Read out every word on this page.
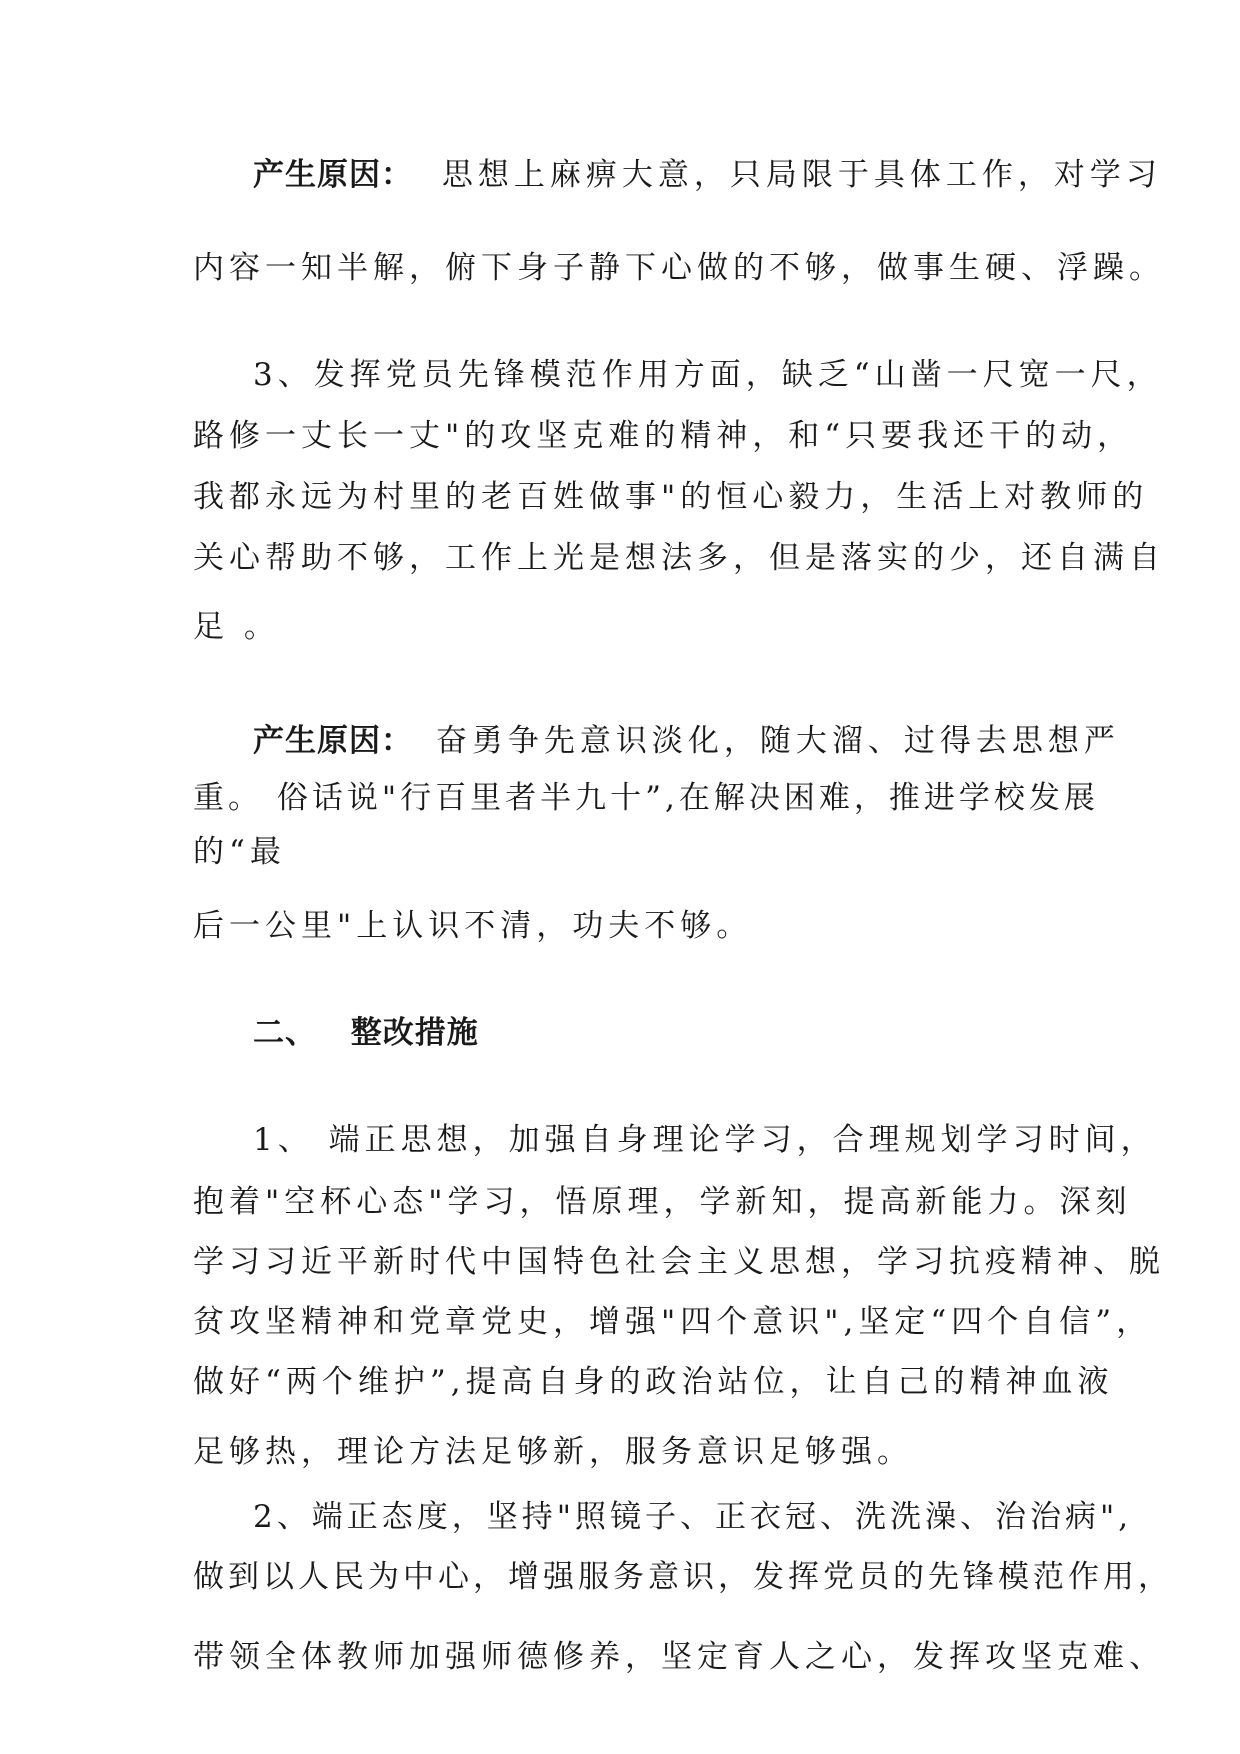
产生原因： 思想上麻痹大意，只局限于具体工作，对学习
内容一知半解，俯下身子静下心做的不够，做事生硬、浮躁。
3、发挥党员先锋模范作用方面，缺乏“山凿一尺宽一尺，
路修一丈长一丈"的攻坚克难的精神，和“只要我还干的动，
我都永远为村里的老百姓做事"的恒心毅力，生活上对教师的
关心帮助不够，工作上光是想法多，但是落实的少，还自满自
足 。
产生原因： 奋勇争先意识淡化，随大溜、过得去思想严
重。 俗话说"行百里者半九十”,在解决困难，推进学校发展
的“最
后一公里"上认识不清，功夫不够。
二、 整改措施
1、 端正思想，加强自身理论学习，合理规划学习时间，
抱着"空杯心态"学习，悟原理，学新知，提高新能力。深刻
学习习近平新时代中国特色社会主义思想，学习抗疫精神、脱
贫攻坚精神和党章党史，增强"四个意识",坚定“四个自信”，
做好“两个维护”,提高自身的政治站位，让自己的精神血液
足够热，理论方法足够新，服务意识足够强。
2、端正态度，坚持"照镜子、正衣冠、洗洗澡、治治病",
做到以人民为中心，增强服务意识，发挥党员的先锋模范作用，
带领全体教师加强师德修养，坚定育人之心，发挥攻坚克难、
